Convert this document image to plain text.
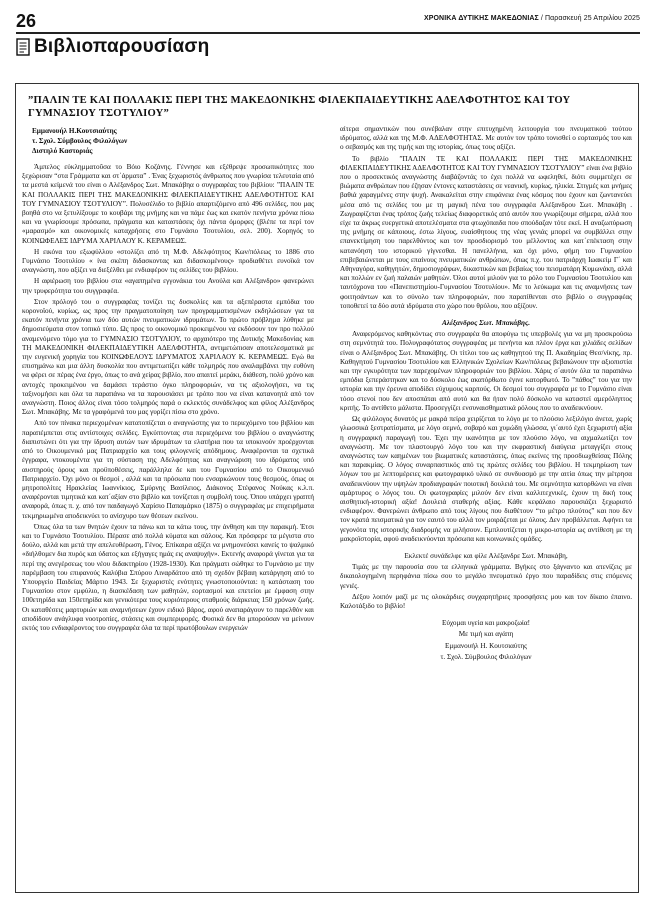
26	ΧΡΟΝΙΚΑ ΔΥΤΙΚΗΣ ΜΑΚΕΔΟΝΙΑΣ / Παρασκευή 25 Απριλίου 2025
Βιβλιοπαρουσίαση
”ΠΑΛΙΝ ΤΕ ΚΑΙ ΠΟΛΛΑΚΙΣ ΠΕΡΙ ΤΗΣ ΜΑΚΕΔΟΝΙΚΗΣ ΦΙΛΕΚΠΑΙΔΕΥΤΙΚΗΣ ΑΔΕΛΦΟΤΗΤΟΣ ΚΑΙ ΤΟΥ ΓΥΜΝΑΣΙΟΥ ΤΣΟΤΥΛΙΟΥ”
Εμμανουήλ Η.Κουτσιαύτης
τ. Σχολ. Σύμβουλος Φιλολόγων
Διστηλό Καστοριάς

Άμπελος εὐκλημματοῦσα το Βόιο Κοζάνης. Γέννησε και εξέθρεψε προσωπικότητες που ξεχώρισαν “στα Γράμματα και στ΄άρματα” . Ένας ξεχωριστός άνθρωπος που γνωρίσα τελευταία από τα μεστά κείμενά του είναι ο Αλέξανδρος Σωτ. Μπακάβηα ο συγγραφέας του βιβλίου: ”ΠΑΛΙΝ ΤΕ ΚΑΙ ΠΟΛΛΑΚΙΣ ΠΕΡΙ ΤΗΣ ΜΑΚΕΔΟΝΙΚΗΣ ΦΙΛΕΚΠΑΙΔΕΥΤΙΚΗΣ ΑΔΕΛΦΟΤΗΤΟΣ ΚΑΙ ΤΟΥ ΓΥΜΝΑΣΙΟΥ ΤΣΟΤΥΛΙΟΥ”. Πολυσέλιδο το βιβλίο απαρτιζόμενο από 496 σελίδες, που μας βοηθά στο να ξετυλίξουμε το κουβάρι της μνήμης και να πάμε έως και εκατόν πενήντα χρόνια πίσω και να γνωρίσουμε πρόσωπα, πράγματα και καταστάσεις όχι πάντα όμορφες (βλέπε τα περί τον «μαρασμό» και οικονομικές καταχρήσεις στο Γυμνάσιο Τσοτυλίου, σελ. 200). Χορηγός το ΚΟΙΝΩΦΕΛΕΣ ΙΔΡΥΜΑ ΧΑΡΙΛΑΟΥ Κ. ΚΕΡΑΜΕΩΣ.

Η εικόνα του εξωφύλλου «στολίζει από τη Μ.Φ. Αδελφότητος Κων/πόλεως το 1886 στο Γυμνάσιο Τσοτυλίου « ίνα σκέπη διδασκοντας και διδασκομένους» προδιαθέτει ευνοϊκά τον αναγνώστη, που αξίζει να διεξέλθει με ενδιαφέρον τις σελίδες του βιβλίου.

Η αφιέρωση του βιβλίου στα «αγαπημένα εγγονάκια του Ανούλα και Αλέξανδρο» φανερώνει την τρυφερότητα του συγγραφέα.

Στον πρόλογό του ο συγγραφέας τονίζει τις δυσκολίες και τα αξεπέραστα εμπόδια του κορονοϊού, κυρίως, ως προς την πραγματοποίηση των προγραμματισμένων εκδηλώσεων για τα εκατόν πενήντα χρόνια των δύο αυτών πνευματικών ιδρυμάτων. Το πρώτο πρόβλημα λύθηκε με δημοσιεύματα στον τοπικό τύπο. Ως προς το οικονομικό προκειμένου να εκδόσουν τον προ πολλού αναμενόμενο τόμο για το ΓΥΜΝΑΣΙΟ ΤΣΟΤΥΛΙΟΥ, το αρχαιότερο της Δυτικής Μακεδονίας και ΤΗ ΜΑΚΕΔΟΝΙΚΗ ΦΙΛΕΚΠΑΙΔΕΥΤΙΚΗ ΑΔΕΛΦΟΤΗΤΑ, αντιμετώπισαν αποτελεσματικά με την ευγενική χορηγία του ΚΟΙΝΩΦΕΛΟΥΣ ΙΔΡΥΜΑΤΟΣ ΧΑΡΙΛΑΟΥ Κ. ΚΕΡΑΜΕΩΣ. Εγώ θα επισημάνω και μια άλλη δυσκολία που αντιμετωπίζει κάθε τολμηρός που αναλαμβάνει την ευθύνη να φέρει σε πέρας ένα έργο, όπως το ανά χείρας βιβλίο, που απαιτεί μεράκι, διάθεση, πολύ χρόνο και αντοχές προκειμένου να δαμάσει τεράστιο όγκο πληροφοριών, να τις αξιολογήσει, να τις ταξινομήσει και όλα τα παραπάνω να τα παρουσιάσει με τρόπο που να είναι κατανοητά από τον αναγνώστη. Ποιος άλλος είναι τόσο τολμηρός παρά ο εκλεκτός συνάδελφος και φίλος Αλέξανδρος Σωτ. Μπακάβης. Με τα γραφόμενά του μας γυρίζει πίσω στο χρόνο.

Από τον πίνακα περιεχομένων κατατοπίζεται ο αναγνώστης για το περιεχόμενο του βιβλίου και παραπέμπεται στις αντίστοιχες σελίδες. Εγκύπτοντας στα περιεχόμενα του βιβλίου ο αναγνώστης διαπιστώνει ότι για την ίδρυση αυτών των ιδρυμάτων τα ελατήρια που τα υποκινούν προέρχονται από το Οικουμενικό μας Πατριαρχείο και τους φιλογενείς απόδημους. Αναφέρονται τα σχετικά έγγραφα, ντοκουμέντα για τη σύσταση της Αδελφότητας και αναγνώριση του ιδρύματος υπό αυστηρούς όρους και προϋποθέσεις, παράλληλα δε και του Γυμνασίου από το Οικουμενικό Πατριαρχείο. Όχι μόνο οι θεσμοί , αλλά και τα πρόσωπα που ενσαρκώνουν τους θεσμούς, όπως οι μητροπολίτες Ηρακλείας Ιωαννίκιος, Σμύρνης Βασίλειος, Διάκονος Στέφανος Νούκας κ.λ.π. αναφέρονται τιμητικά και κατ΄αξίαν στο βιβλίο και τονίζεται η συμβολή τους. Όπου υπάρχει γραπτή αναφορά, όπως π. χ. από τον παιδαγωγό Χαρίσιο Παπαμάρκο (1875) ο συγγραφέας με επιχειρήματα τεκμηριωμένα αποδεικνύει το ανίσχυρο των θέσεων εκείνου.

Όπως όλα τα των θνητών έχουν τα πάνω και τα κάτω τους, την άνθηση και την παρακμή. Έτσι και το Γυμνάσιο Τσοτυλίου. Πέρασε από πολλά κύματα και σάλους. Και πρόσφερε τα μέγιστα στο δούλο, αλλά και μετά την απελευθέρωση, Γένος. Επίκαιρα αξίζει να μνημονεύσει κανείς το ψαλμικό «διήλθομεν δια πυρός και ύδατος και εξήγαγες ημάς εις αναψυχήν». Εκτενής αναφορά γίνεται για τα περί της ανεγέρσεως του νέου διδακτηρίου (1928-1930). Και πράγματι σώθηκε το Γυμνάσιο με την παρέμβαση του επιφανούς Καλύβια Σπύρου Λιναρδάτου από τη σχεδόν βέβαιη κατάργηση από το Υπουργείο Παιδείας Μάρτιο 1943. Σε ξεχωριστές ενότητες γνωστοποιούνται: η κατάσταση του Γυμνασίου στον εμφύλιο, η διασκέδαση των μαθητών, εορτασμοί και επετείοι με έμφαση στην 100ετηρίδα και 150ετηρίδα και γενικότερα τους κυριότερους σταθμούς διάρκειας 150 χρόνων ζωής. Οι καταθέσεις μαρτυριών και αναμνήσεων έχουν ειδικό βάρος, αφού αναπαράγουν το παρελθόν και αποδίδουν ανάγλυφα νοοτροπίες, στάσεις και συμπεριφορές. Φυσικά δεν θα μπορούσαν να μείνουν εκτός του ενδιαφέροντος του συγγραφέα όλα τα περί πρωτόβουλων ενεργειών

αίτερα σημαντικών που συνέβαλαν στην επιτυχημένη λειτουργία του πνευματικού τούτου ιδρύματος, αλλά και της Μ.Φ. ΑΔΕΛΦΟΤΗΤΑΣ. Με αυτόν τον τρόπο τονισθεί ο εορτασμός του και ο σεβασμός και της τιμής και της ιστορίας, όπως τους αξίζει.

Το βιβλίο ”ΠΑΛΙΝ ΤΕ ΚΑΙ ΠΟΛΛΑΚΙΣ ΠΕΡΙ ΤΗΣ ΜΑΚΕΔΟΝΙΚΗΣ ΦΙΛΕΚΠΑΙΔΕΥΤΙΚΗΣ ΑΔΕΛΦΟΤΗΤΟΣ ΚΑΙ ΤΟΥ ΓΥΜΝΑΣΙΟΥ ΤΣΟΤΥΛΙΟΥ” είναι ένα βιβλίο που ο προσεκτικός αναγνώστης διαβάζοντάς το έχει πολλά να ωφεληθεί, διότι συμμετέχει σε βιώματα ανθρώπων που έζησαν έντονες καταστάσεις σε νεανική, κυρίως, ηλικία. Στιγμές και μνήμες βαθιά χαραγμένες στην ψυχή. Ανακαλείται στην επιφάνεια ένας κόσμος που έχουν και ζωντανεύει μέσα από τις σελίδες του με τη μαγική πένα του συγγραφέα Αλέξανδρου Σωτ. Μπακάβη . Ζωγραφίζεται ένας τρόπος ζωής τελείως διαφορετικός από αυτόν που γνωρίζουμε σήμερα, αλλά που είχε τα άκρως ευεργετικά αποτελέσματα στα φτωχόπαιδα που σπούδαζαν τότε εκεί. Η αναζωπύρωση της μνήμης σε κάποιους, έστω λίγους, ευαίσθητους της νέας γενιάς μπορεί να συμβάλλει στην επανεκτίμηση του παρελθόντος και τον προσδιορισμό του μέλλοντος και κατ΄επέκταση στην κατανόηση του ιστορικού γίγνεσθαι. Η πανελλήνια, και όχι μόνο, φήμη του Γυμνασίου επιβεβαιώνεται με τους επαίνους πνευματικών ανθρώπων, όπως π.χ. του πατριάρχη Ιωακείμ Γ΄ και Αθηναγόρα, καθηγητών, δημοσιογράφων, δικαστικών και βεβαίως του πεισματάρη Κυμωνάκη, αλλά και πολλών εν ζωή παλαιών μαθητών. Όλοι αυτοί μιλούν για το ρόλο του Γυμνασίου Τσοτυλίου και ταυτόχρονα του «Πανεπιστημίου-Γυμνασίου Τσοτυλίου». Με το λεύκωμα και τις αναμνήσεις των φοιτησάντων και το σύνολο των πληροφοριών, που παρατίθενται στο βιβλίο ο συγγραφέας τοποθετεί τα δύο αυτά ιδρύματα στο χώρο που θρύλου, που αξίζουν.

Αλέξανδρος Σωτ. Μπακάβης.

Αναφερόμενος καθηκόντως στο συγγραφέα θα αποφύγω τις υπερβολές για να μη προσκρούσω στη σεμνότητά του. Πολυγραφότατος συγγραφέας με πενήντα και πλέον έργα και χιλιάδες σελίδων είναι ο Αλέξανδρος Σωτ. Μπακάβης. Οι τίτλοι του ως καθηγητού της Π. Ακαδημίας Θεσ/νίκης, πρ. Καθηγητού Γυμνασίου Τσοτυλίου και Ελληνικών Σχολείων Κων/πόλεως βεβαιώνουν την αξιοπιστία και την εγκυρότητα των παρεχομένων πληροφοριών του βιβλίου. Χάρις σ΄αυτόν όλα τα παραπάνω εμπόδια ξεπεράστηκαν και το δύσκολο έως ακατόρθωτο έγινε κατορθωτό. Το ”πάθος” του για την ιστορία και την έρευνα αποδίδει εύχυμους καρπούς. Οι δεσμοί του συγγραφέα με το Γυμνάσιο είναι τόσο στενοί που δεν αποσπάται από αυτό και θα ήταν πολύ δύσκολο να καταστεί αμερόληπτος κριτής. Το αντίθετο μάλιστα. Προσεγγίζει ενσυναισθηματικά ρόλους που το αναδεικνύουν.

Ως φιλόλογος δυνατός με μακρά πείρα χειρίζεται το λόγο με το πλούσιο λεξιλόγιο άνετα, χωρίς γλωσσικά ξεστρατίσματα, με λόγο σεμνό, σοβαρό και χυμώδη γλώσσα, γι΄αυτό έχει ξεχωριστή αξία η συγγραφική παραγωγή του. Έχει την ικανότητα με τον πλούσιο λόγο, να αιχμαλωτίζει τον αναγνώστη. Με τον πλαστουργό λόγο του και την εκφραστική διαύγεια μεταγγίζει στους αναγνώστες των καημένων του βιωματικές καταστάσεις, όπως εκείνες της προσδιωχθείσας Πόλης και παρακμίας. Ο λόγος συναρπαστικός από τις πρώτες σελίδες του βιβλίου. Η τεκμηρίωση των λόγων του με λεπτομέρειες και φωτογραφικό υλικό σε συνδυασμό με την αιτία όπως την μέτρησα αναδεικνύουν την υψηλών προδιαγραφών ποιοτική δουλειά του. Με σεμνότητα κατορθώνει να είναι αμάρτυρος ο λόγος του. Οι φωτογραφίες μιλούν δεν είναι καλλιτεχνικές, έχουν τη δική τους αισθητική-ιστορική αξία! Δουλειά σταθερής αξίας. Κάθε κεφάλαιο παρουσιάζει ξεχωριστό ενδιαφέρον. Φανερώνει άνθρωπο από τους λίγους που διαθέτουν “το μέτρο πλούτος” και που δεν τον κρατά πεισματικά για τον εαυτό του αλλά τον μοιράζεται με όλους. Δεν προβάλλεται. Αφήνει τα γεγονότα της ιστορικής διαδρομής να μιλήσουν. Εμπλουτίζεται η μικρο-ιστορία ως αντίθεση με τη μακροϊστορία, αφού αναδεικνύονται πρόσωπα και κοινωνικές ομάδες.

Εκλεκτέ συνάδελφε και φίλε Αλέξανδρε Σωτ. Μπακάβη,

Τιμάς με την παρουσία σου τα ελληνικά γράμματα. Βγήκες στο ξάγναντο και ατενίζεις με δικαιολογημένη περηφάνια πίσω σου το μεγάλο πνευματικό έργο που παραδίδεις στις επόμενες γενιές.

Δέξου λοιπόν μαζί με τις ολοκάρδιες συγχαρητήριες προσφήσεις μου και τον δίκαιο έπαινο. Καλοτάξιδο το βιβλίο!

Εύχομαι υγεία και μακροζωία!

Με τιμή και αγάπη

Εμμανουήλ Η. Κουτσιαύτης

τ. Σχολ. Σύμβουλος Φιλολόγων
